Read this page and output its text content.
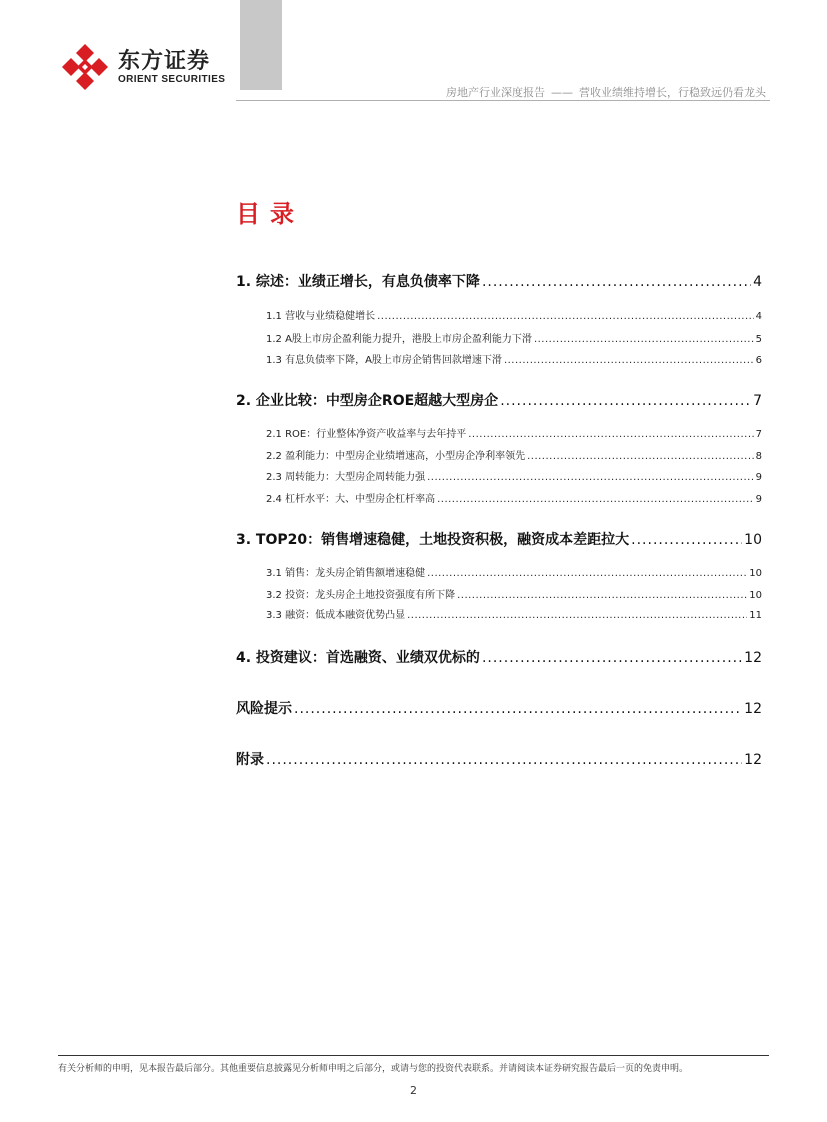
东方证券
ORIENT SECURITIES
房地产行业深度报告 —— 营收业绩维持增长，行稳致远仍看龙头
目录
1. 综述：业绩正增长，有息负债率下降 .....	4
1.1 营收与业绩稳健增长 .....	4
1.2 A股上市房企盈利能力提升，港股上市房企盈利能力下滑 .....	5
1.3 有息负债率下降，A股上市房企销售回款增速下滑 .....	6
2. 企业比较：中型房企ROE超越大型房企 .....	7
2.1 ROE：行业整体净资产收益率与去年持平 .....	7
2.2 盈利能力：中型房企业绩增速高，小型房企净利率领先 .....	8
2.3 周转能力：大型房企周转能力强 .....	9
2.4 杠杆水平：大、中型房企杠杆率高 .....	9
3. TOP20：销售增速稳健，土地投资积极，融资成本差距拉大 .....	10
3.1 销售：龙头房企销售额增速稳健 .....	10
3.2 投资：龙头房企土地投资强度有所下降 .....	10
3.3 融资：低成本融资优势凸显 .....	11
4. 投资建议：首选融资、业绩双优标的 .....	12
风险提示 .....	12
附录 .....	12
有关分析师的申明，见本报告最后部分。其他重要信息披露见分析师申明之后部分，或请与您的投资代表联系。并请阅读本证券研究报告最后一页的免责申明。
2
